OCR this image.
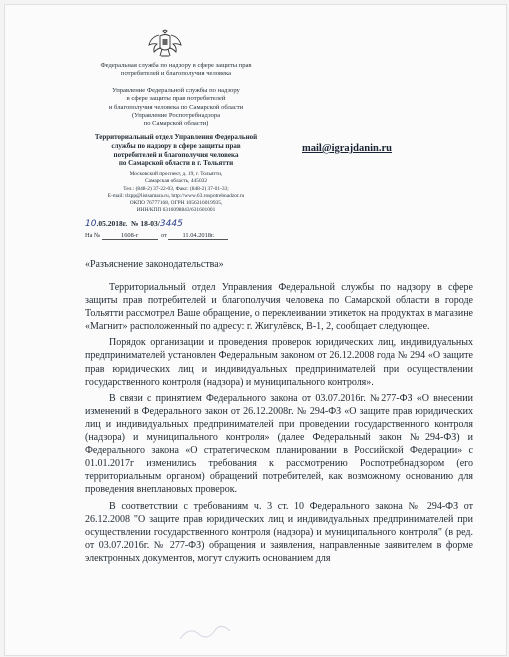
Федеральная служба по надзору в сфере защиты прав
потребителей и благополучия человека
Управление Федеральной службы по надзору
в сфере защиты прав потребителей
и благополучия человека по Самарской области
(Управление Роспотребнадзора
по Самарской области)
Территориальный отдел Управления Федеральной
службы по надзору в сфере защиты прав
потребителей и благополучия человека
по Самарской области в г. Тольятти
Московский проспект, д. 19, г. Тольятти,
Самарская область, 445032
Тел.: (848-2) 37-22-03, Факс: (848-2) 37-01-33;
E-mail: tlzpp@listsamara.ru, http://www.63.rospotrebnadzor.ru
ОКПО 76777168, ОГРН 1056316019935,
ИНН/КПП 6316098843/631601001
mail@igrajdanin.ru
10.05.2018г. № 18-03/3445
На №	1608-г	от 11.04.2018г.
«Разъяснение законодательства»

Территориальный отдел Управления Федеральной службы по надзору в сфере защиты прав потребителей и благополучия человека по Самарской области в городе Тольятти рассмотрел Ваше обращение, о переклеивании этикеток на продуктах в магазине «Магнит» расположенный по адресу: г. Жигулёвск, В-1, 2, сообщает следующее.

Порядок организации и проведения проверок юридических лиц, индивидуальных предпринимателей установлен Федеральным законом от 26.12.2008 года № 294 «О защите прав юридических лиц и индивидуальных предпринимателей при осуществлении государственного контроля (надзора) и муниципального контроля».

В связи с принятием Федерального закона от 03.07.2016г. №277-ФЗ «О внесении изменений в Федерального закон от 26.12.2008г. № 294-ФЗ «О защите прав юридических лиц и индивидуальных предпринимателей при проведении государственного контроля (надзора) и муниципального контроля» (далее Федеральный закон №294-ФЗ) и Федерального закона «О стратегическом планировании в Российской Федерации» с 01.01.2017г изменились требования к рассмотрению Роспотребнадзором (его территориальным органом) обращений потребителей, как возможному основанию для проведения внеплановых проверок.

В соответствии с требованиям ч. 3 ст. 10 Федерального закона № 294-ФЗ от 26.12.2008 "О защите прав юридических лиц и индивидуальных предпринимателей при осуществлении государственного контроля (надзора) и муниципального контроля" (в ред. от 03.07.2016г. № 277-ФЗ) обращения и заявления, направленные заявителем в форме электронных документов, могут служить основанием для
